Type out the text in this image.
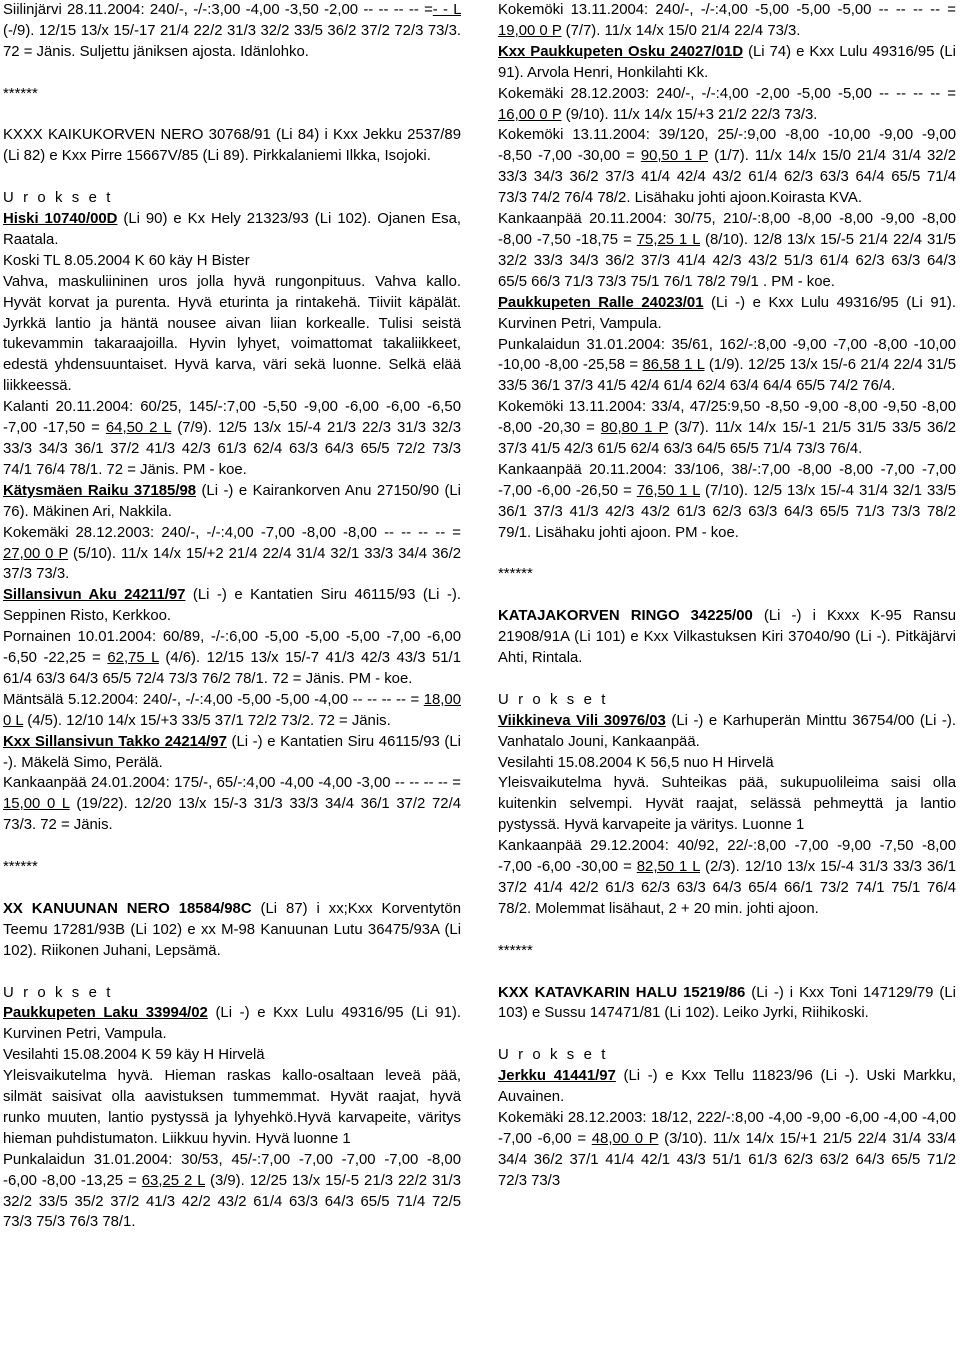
Siilinjärvi 28.11.2004: 240/-, -/-:3,00 -4,00 -3,50 -2,00 -- -- -- -- =- - L (-/9). 12/15 13/x 15/-17 21/4 22/2 31/3 32/2 33/5 36/2 37/2 72/3 73/3. 72 = Jänis. Suljettu jäniksen ajosta. Idänlohko.

******

KXXX KAIKUKORVEN NERO 30768/91 (Li 84) i Kxx Jekku 2537/89 (Li 82) e Kxx Pirre 15667V/85 (Li 89). Pirkkalaniemi Ilkka, Isojoki.

U r o k s e t

Hiski 10740/00D (Li 90) e Kx Hely 21323/93 (Li 102). Ojanen Esa, Raatala.

Koski TL 8.05.2004 K 60 käy H Bister

Vahva, maskuliininen uros jolla hyvä rungonpituus. Vahva kallo. Hyvät korvat ja purenta. Hyvä eturinta ja rintakehä. Tiiviit käpälät. Jyrkkä lantio ja häntä nousee aivan liian korkealle. Tulisi seistä tukevammin takaraajoilla. Hyvin lyhyet, voimattomat takaliikkeet, edestä yhdensuuntaiset. Hyvä karva, väri sekä luonne. Selkä elää liikkeessä.

Kalanti 20.11.2004: 60/25, 145/-:7,00 -5,50 -9,00 -6,00 -6,00 -6,50 -7,00 -17,50 = 64,50 2 L (7/9). 12/5 13/x 15/-4 21/3 22/3 31/3 32/3 33/3 34/3 36/1 37/2 41/3 42/3 61/3 62/4 63/3 64/3 65/5 72/2 73/3 74/1 76/4 78/1. 72 = Jänis. PM - koe.

Kätysmäen Raiku 37185/98 (Li -) e Kairankorven Anu 27150/90 (Li 76). Mäkinen Ari, Nakkila.

Kokemäki 28.12.2003: 240/-, -/-:4,00 -7,00 -8,00 -8,00 -- -- -- -- = 27,00 0 P (5/10). 11/x 14/x 15/+2 21/4 22/4 31/4 32/1 33/3 34/4 36/2 37/3 73/3.

Sillansivun Aku 24211/97 (Li -) e Kantatien Siru 46115/93 (Li -). Seppinen Risto, Kerkkoo.

Pornainen 10.01.2004: 60/89, -/-:6,00 -5,00 -5,00 -5,00 -7,00 -6,00 -6,50 -22,25 = 62,75 L (4/6). 12/15 13/x 15/-7 41/3 42/3 43/3 51/1 61/4 63/3 64/3 65/5 72/4 73/3 76/2 78/1. 72 = Jänis. PM - koe.

Mäntsälä 5.12.2004: 240/-, -/-:4,00 -5,00 -5,00 -4,00 -- -- -- -- = 18,00 0 L (4/5). 12/10 14/x 15/+3 33/5 37/1 72/2 73/2. 72 = Jänis.

Kxx Sillansivun Takko 24214/97 (Li -) e Kantatien Siru 46115/93 (Li -). Mäkelä Simo, Perälä.

Kankaanpää 24.01.2004: 175/-, 65/-:4,00 -4,00 -4,00 -3,00 -- -- -- -- = 15,00 0 L (19/22). 12/20 13/x 15/-3 31/3 33/3 34/4 36/1 37/2 72/4 73/3. 72 = Jänis.

******

XX KANUUNAN NERO 18584/98C (Li 87) i xx;Kxx Korventytön Teemu 17281/93B (Li 102) e xx M-98 Kanuunan Lutu 36475/93A (Li 102). Riikonen Juhani, Lepsämä.

U r o k s e t

Paukkupeten Laku 33994/02 (Li -) e Kxx Lulu 49316/95 (Li 91). Kurvinen Petri, Vampula.

Vesilahti 15.08.2004 K 59 käy H Hirvelä

Yleisvaikutelma hyvä. Hieman raskas kallo-osaltaan leveä pää, silmät saisivat olla aavistuksen tummemmat. Hyvät raajat, hyvä runko muuten, lantio pystyssä ja lyhyehkö.Hyvä karvapeite, väritys hieman puhdistumaton. Liikkuu hyvin. Hyvä luonne 1

Punkalaidun 31.01.2004: 30/53, 45/-:7,00 -7,00 -7,00 -7,00 -8,00 -6,00 -8,00 -13,25 = 63,25 2 L (3/9). 12/25 13/x 15/-5 21/3 22/2 31/3 32/2 33/5 35/2 37/2 41/3 42/2 43/2 61/4 63/3 64/3 65/5 71/4 72/5 73/3 75/3 76/3 78/1.

Kokemöki 13.11.2004: 240/-, -/-:4,00 -5,00 -5,00 -5,00 -- -- -- -- = 19,00 0 P (7/7). 11/x 14/x 15/0 21/4 22/4 73/3.

Kxx Paukkupeten Osku 24027/01D (Li 74) e Kxx Lulu 49316/95 (Li 91). Arvola Henri, Honkilahti Kk.

Kokemäki 28.12.2003: 240/-, -/-:4,00 -2,00 -5,00 -5,00 -- -- -- -- = 16,00 0 P (9/10). 11/x 14/x 15/+3 21/2 22/3 73/3.

Kokemöki 13.11.2004: 39/120, 25/-:9,00 -8,00 -10,00 -9,00 -9,00 -8,50 -7,00 -30,00 = 90,50 1 P (1/7). 11/x 14/x 15/0 21/4 31/4 32/2 33/3 34/3 36/2 37/3 41/4 42/4 43/2 61/4 62/3 63/3 64/4 65/5 71/4 73/3 74/2 76/4 78/2. Lisähaku johti ajoon.Koirasta KVA.

Kankaanpää 20.11.2004: 30/75, 210/-:8,00 -8,00 -8,00 -9,00 -8,00 -8,00 -7,50 -18,75 = 75,25 1 L (8/10). 12/8 13/x 15/-5 21/4 22/4 31/5 32/2 33/3 34/3 36/2 37/3 41/4 42/3 43/2 51/3 61/4 62/3 63/3 64/3 65/5 66/3 71/3 73/3 75/1 76/1 78/2 79/1 . PM - koe.

Paukkupeten Ralle 24023/01 (Li -) e Kxx Lulu 49316/95 (Li 91). Kurvinen Petri, Vampula.

Punkalaidun 31.01.2004: 35/61, 162/-:8,00 -9,00 -7,00 -8,00 -10,00 -10,00 -8,00 -25,58 = 86,58 1 L (1/9). 12/25 13/x 15/-6 21/4 22/4 31/5 33/5 36/1 37/3 41/5 42/4 61/4 62/4 63/4 64/4 65/5 74/2 76/4.

Kokemöki 13.11.2004: 33/4, 47/25:9,50 -8,50 -9,00 -8,00 -9,50 -8,00 -8,00 -20,30 = 80,80 1 P (3/7). 11/x 14/x 15/-1 21/5 31/5 33/5 36/2 37/3 41/5 42/3 61/5 62/4 63/3 64/5 65/5 71/4 73/3 76/4.

Kankaanpää 20.11.2004: 33/106, 38/-:7,00 -8,00 -8,00 -7,00 -7,00 -7,00 -6,00 -26,50 = 76,50 1 L (7/10). 12/5 13/x 15/-4 31/4 32/1 33/5 36/1 37/3 41/3 42/3 43/2 61/3 62/3 63/3 64/3 65/5 71/3 73/3 78/2 79/1. Lisähaku johti ajoon. PM - koe.

******

KATAJAKORVEN RINGO 34225/00 (Li -) i Kxxx K-95 Ransu 21908/91A (Li 101) e Kxx Vilkastuksen Kiri 37040/90 (Li -). Pitkäjärvi Ahti, Rintala.

U r o k s e t

Viikkineva Vili 30976/03 (Li -) e Karhuperän Minttu 36754/00 (Li -). Vanhatalo Jouni, Kankaanpää.

Vesilahti 15.08.2004 K 56,5 nuo H Hirvelä

Yleisvaikutelma hyvä. Suhteikas pää, sukupuolileima saisi olla kuitenkin selvempi. Hyvät raajat, selässä pehmeyttä ja lantio pystyssä. Hyvä karvapeite ja väritys. Luonne 1

Kankaanpää 29.12.2004: 40/92, 22/-:8,00 -7,00 -9,00 -7,50 -8,00 -7,00 -6,00 -30,00 = 82,50 1 L (2/3). 12/10 13/x 15/-4 31/3 33/3 36/1 37/2 41/4 42/2 61/3 62/3 63/3 64/3 65/4 66/1 73/2 74/1 75/1 76/4 78/2. Molemmat lisähaut, 2 + 20 min. johti ajoon.

******

KXX KATAVKARIN HALU 15219/86 (Li -) i Kxx Toni 147129/79 (Li 103) e Sussu 147471/81 (Li 102). Leiko Jyrki, Riihikoski.

U r o k s e t

Jerkku 41441/97 (Li -) e Kxx Tellu 11823/96 (Li -). Uski Markku, Auvainen.

Kokemäki 28.12.2003: 18/12, 222/-:8,00 -4,00 -9,00 -6,00 -4,00 -4,00 -7,00 -6,00 = 48,00 0 P (3/10). 11/x 14/x 15/+1 21/5 22/4 31/4 33/4 34/4 36/2 37/1 41/4 42/1 43/3 51/1 61/3 62/3 63/2 64/3 65/5 71/2 72/3 73/3
